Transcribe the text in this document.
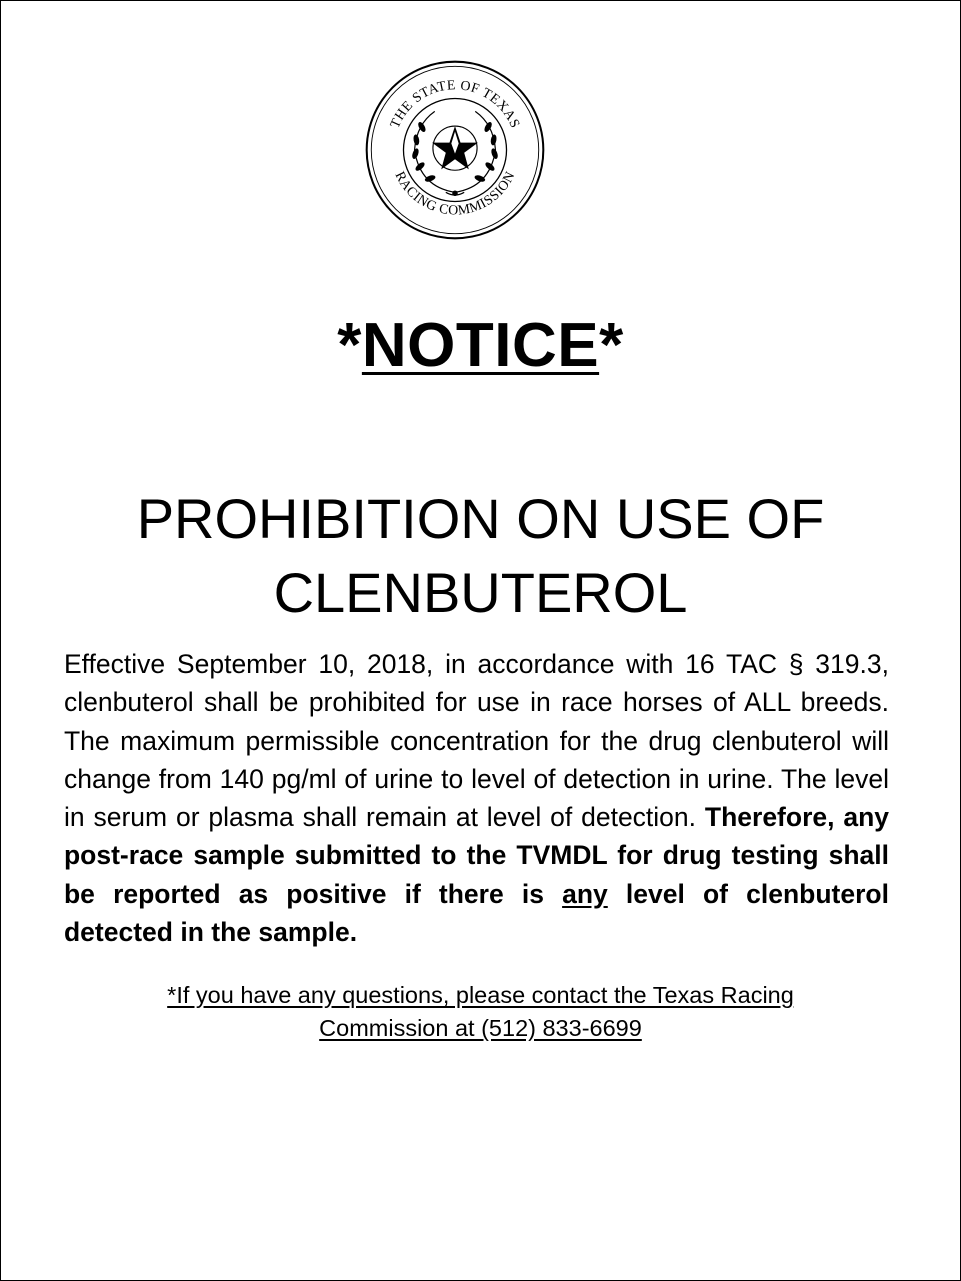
THE STATE OF TEXAS
RACING COMMISSION
*NOTICE*
PROHIBITION ON USE OF
CLENBUTEROL
Effective September 10, 2018, in accordance with 16 TAC § 319.3, clenbuterol shall be prohibited for use in race horses of ALL breeds. The maximum permissible concentration for the drug clenbuterol will change from 140 pg/ml of urine to level of detection in urine. The level in serum or plasma shall remain at level of detection. Therefore, any post-race sample submitted to the TVMDL for drug testing shall be reported as positive if there is any level of clenbuterol detected in the sample.
*If you have any questions, please contact the Texas Racing
Commission at (512) 833-6699
